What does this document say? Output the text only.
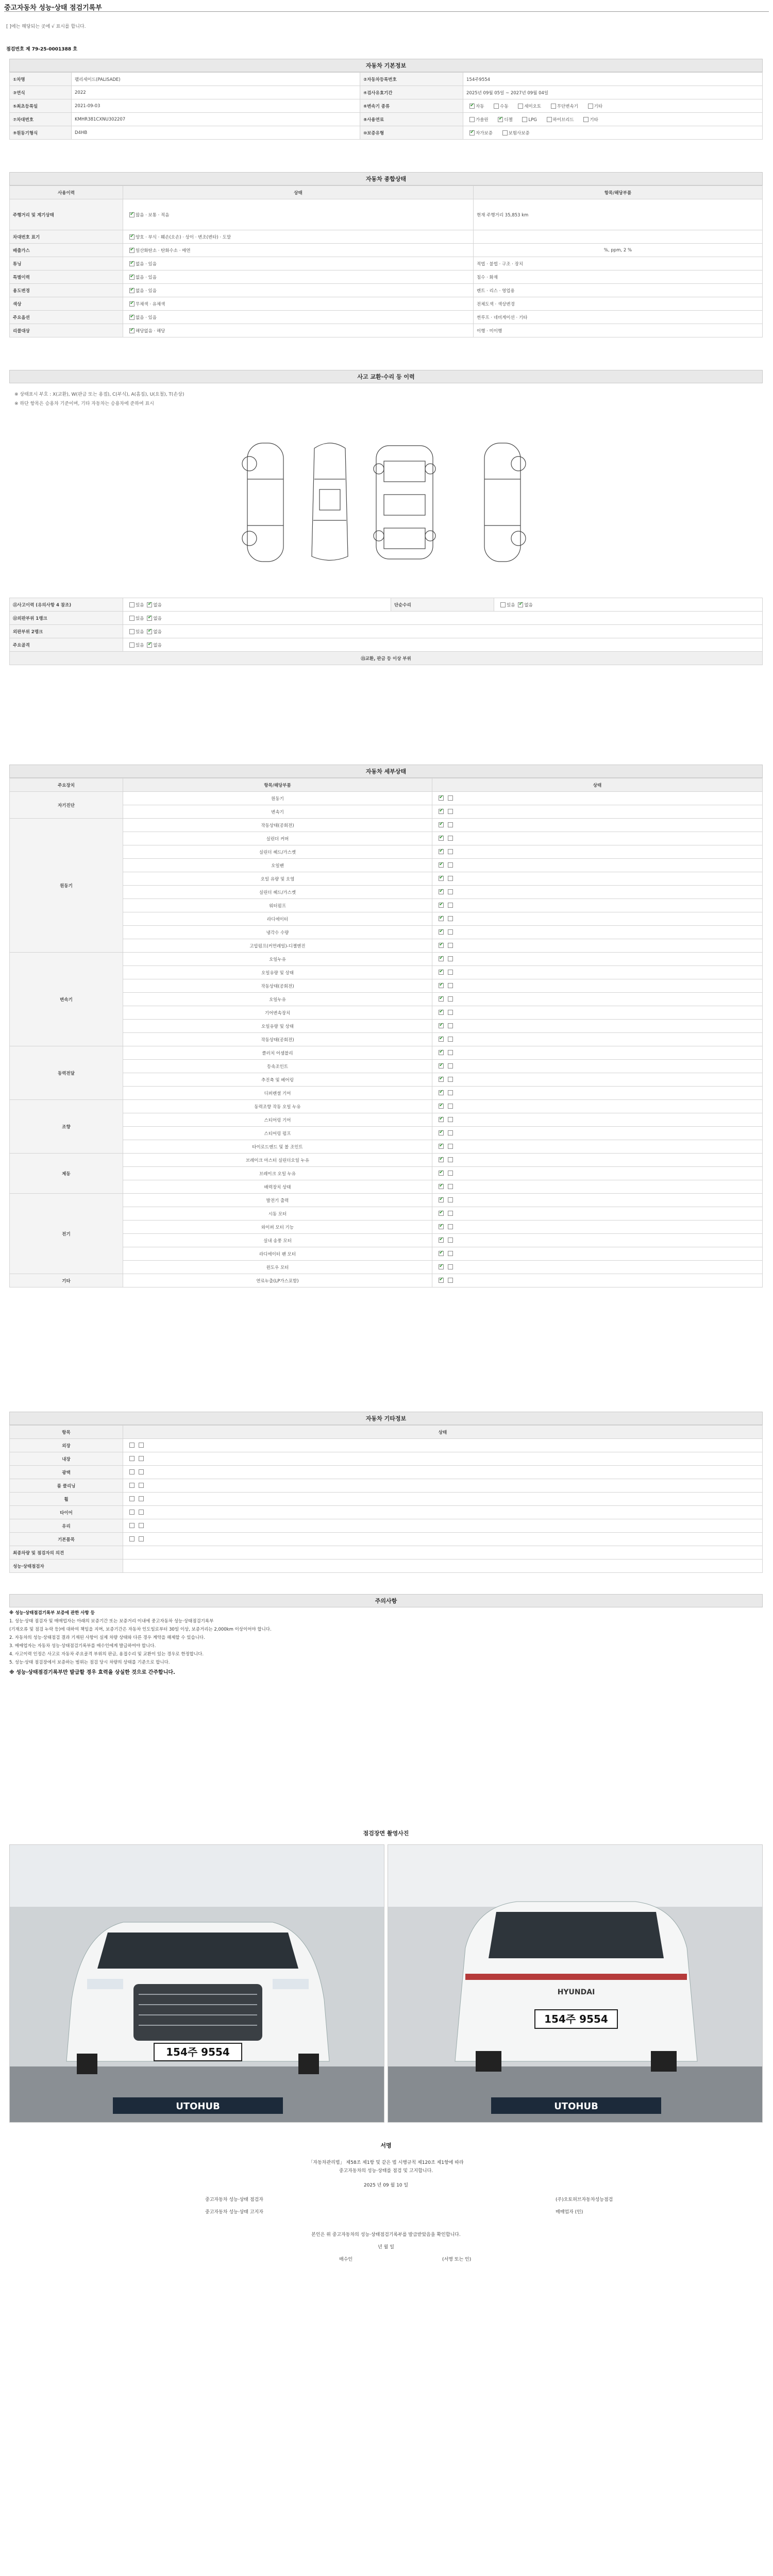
중고자동차 성능·상태 점검기록부
[ ]에는 해당되는 곳에 √ 표시를 합니다.
점검번호 제 79-25-0001388 호
자동차 기본정보
①차명	팰리세이드(PALISADE)	②자동차등록번호	154주9554
③연식	2022	④검사유효기간	2025년 09월 05일 ~ 2027년 09월 04일
⑤최초등록일	2021-09-03	⑥변속기 종류	✔자동 수동 세미오토 무단변속기 기타
⑦차대번호	KMHR381CXNU302207	⑧사용연료	가솔린 ✔ 디젤 LPG 하이브리드 기타
⑨원동기형식	D4HB	⑩보증유형	✔자가보증 보험사보증
자동차 종합상태
사용이력	상태	항목/해당부품
주행거리 및 계기상태	✔많음 · 보통 · 적음	현재 주행거리 35,853 km
차대번호 표기	✔양호 · 부식 · 훼손(오손) · 상이 · 변조(변타) · 도말	
배출가스	✔일산화탄소 · 탄화수소 · 매연	%, ppm, 2 %
튜닝	✔없음 · 있음	적법 · 불법 · 구조 · 장치
특별이력	✔없음 · 있음	침수 · 화재
용도변경	✔없음 · 있음	렌트 · 리스 · 영업용
색상	✔무채색 · 유채색	전체도색 · 색상변경
주요옵션	✔없음 · 있음	썬루프 · 네비게이션 · 기타
리콜대상	✔해당없음 · 해당	이행 · 미이행
사고 교환·수리 등 이력
※ 상태표시 부호 : X(교환), W(판금 또는 용접), C(부식), A(흠집), U(요철), T(손상)
※ 하단 항목은 승용차 기준이며, 기타 자동차는 승용차에 준하여 표시
⑪사고이력 (유의사항 4 참조)	있음 ✔ 없음	단순수리	있음 ✔ 없음
⑫외판부위 1랭크	있음 ✔ 없음
외판부위 2랭크	있음 ✔ 없음
주요골격	있음 ✔ 없음
⑬교환, 판금 등 이상 부위			
자동차 세부상태
주요장치	항목/해당부품	상태
자기진단	원동기	✔
	변속기	✔
원동기	작동상태(공회전)	✔
	실린더 커버	✔
	실린더 헤드/가스켓	✔
	오일팬	✔
	오일 유량 및 오염	✔
	실린더 헤드/가스켓	✔
	워터펌프	✔
	라디에이터	✔
	냉각수 수량	✔
	고압펌프(커먼레일)-디젤엔진	✔
변속기	오일누유	✔
	오일유량 및 상태	✔
	작동상태(공회전)	✔
	오일누유	✔
	기어변속장치	✔
	오일유량 및 상태	✔
	작동상태(공회전)	✔
동력전달	클러치 어셈블리	✔
	등속조인트	✔
	추진축 및 베어링	✔
	디퍼렌셜 기어	✔
조향	동력조향 작동 오일 누유	✔
	스티어링 기어	✔
	스티어링 펌프	✔
	타이로드엔드 및 볼 조인트	✔
제동	브레이크 마스터 실린더오일 누유	✔
	브레이크 오일 누유	✔
	배력장치 상태	✔
전기	발전기 출력	✔
	시동 모터	✔
	와이퍼 모터 기능	✔
	실내 송풍 모터	✔
	라디에이터 팬 모터	✔
	윈도우 모터	✔
기타	연료누출(LP가스포함)	✔
자동차 기타정보
항목	상태
외장	
내장	
광택	
룸 클리닝	
휠	
타이어	
유리	
기본품목	
최종차량 및 점검자의 의견	
성능·상태점검자	
주의사항

※ 성능·상태점검기록부 보증에 관한 사항 등

1. 성능·상태 점검자 및 매매업자는 아래의 보증기간 또는 보증거리 이내에 중고자동차 성능·상태점검기록부

(기재오류 및 점검 누락 등)에 대하여 책임을 지며, 보증기간은 자동차 인도일로부터 30일 이상, 보증거리는 2,000km 이상이어야 합니다.

2. 자동차의 성능·상태점검 결과 기재된 사항이 실제 차량 상태와 다른 경우 계약을 해제할 수 있습니다.

3. 매매업자는 자동차 성능·상태점검기록부를 매수인에게 발급하여야 합니다.

4. 사고이력 인정은 사고로 자동차 주요골격 부위의 판금, 용접수리 및 교환이 있는 경우로 한정합니다.

5. 성능·상태 점검장에서 보증하는 범위는 점검 당시 차량의 상태를 기준으로 합니다.

※ 성능·상태점검기록부만 발급할 경우 효력을 상실한 것으로 간주합니다.

점검장면 촬영사진
154주 9554
UTOHUB
HYUNDAI
154주 9554
UTOHUB
서명
「자동차관리법」 제58조 제1항 및 같은 법 시행규칙 제120조 제1항에 따라
중고자동차의 성능·상태를 점검 및 고지합니다.
2025 년 09 월 10 일
중고자동차 성능·상태 점검자	(주)오토허브자동차성능점검
중고자동차 성능·상태 고지자	매매업자 (인)
본인은 위 중고자동차의 성능·상태점검기록부를 발급받았음을 확인합니다.
년 월 일
매수인	(서명 또는 인)
